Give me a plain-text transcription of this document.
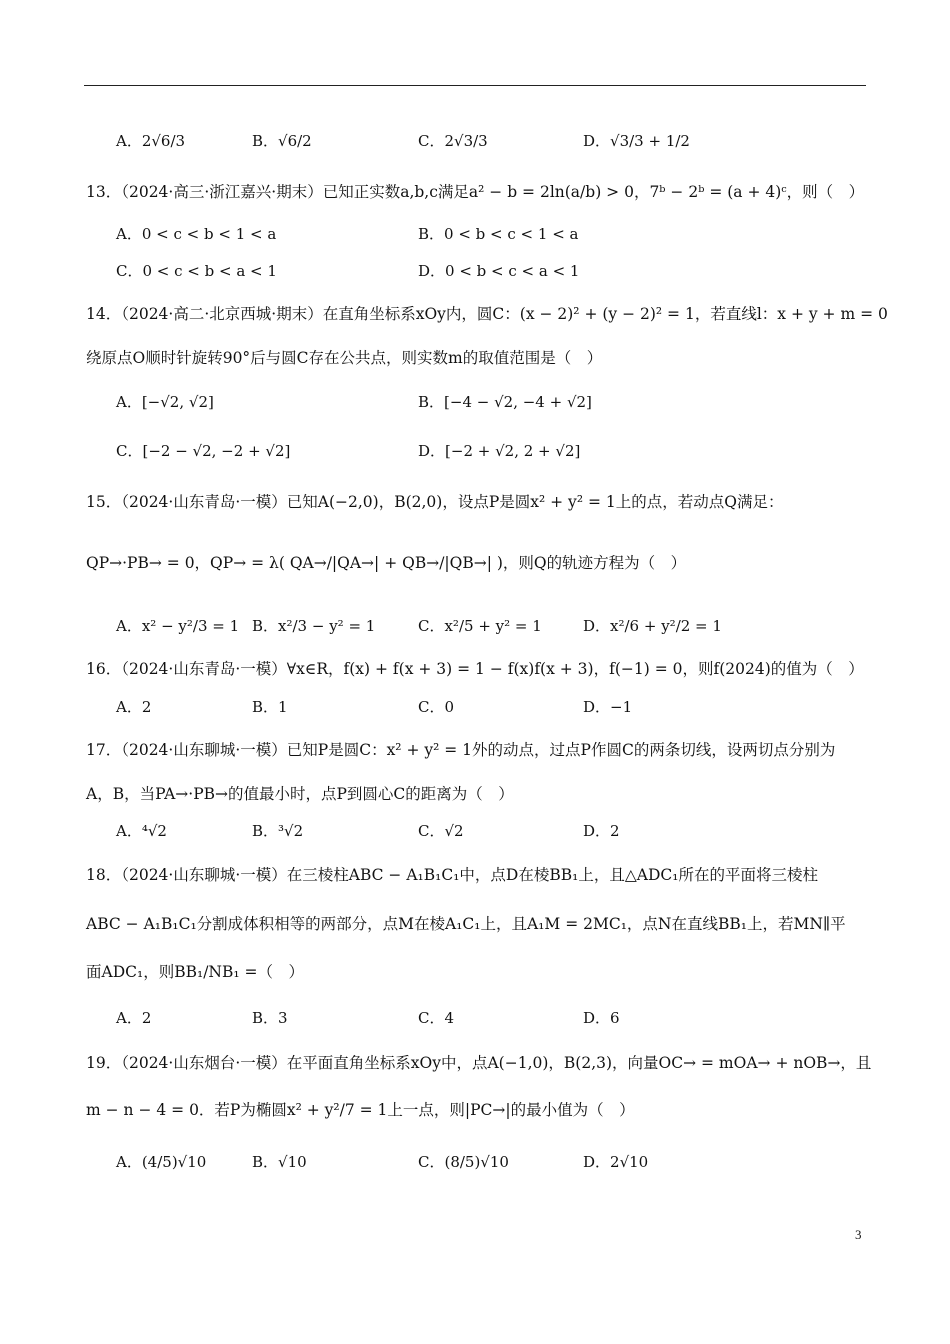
A．2√6/3	B．√6/2	C．2√3/3	D．√3/3 + 1/2
13．（2024·高三·浙江嘉兴·期末）已知正实数a,b,c满足a² − b = 2ln(a/b) > 0，7ᵇ − 2ᵇ = (a + 4)ᶜ，则（　）
A．0 < c < b < 1 < a	B．0 < b < c < 1 < a
C．0 < c < b < a < 1	D．0 < b < c < a < 1
14．（2024·高二·北京西城·期末）在直角坐标系xOy内，圆C：(x − 2)² + (y − 2)² = 1，若直线l：x + y + m = 0
绕原点O顺时针旋转90°后与圆C存在公共点，则实数m的取值范围是（　）
A．[−√2, √2]	B．[−4 − √2, −4 + √2]
C．[−2 − √2, −2 + √2]	D．[−2 + √2, 2 + √2]
15．（2024·山东青岛·一模）已知A(−2,0)，B(2,0)，设点P是圆x² + y² = 1上的点，若动点Q满足：
QP→·PB→ = 0，QP→ = λ( QA→/|QA→| + QB→/|QB→| )，则Q的轨迹方程为（　）
A．x² − y²/3 = 1 B．x²/3 − y² = 1	C．x²/5 + y² = 1	D．x²/6 + y²/2 = 1
16．（2024·山东青岛·一模）∀x∈R，f(x) + f(x + 3) = 1 − f(x)f(x + 3)，f(−1) = 0，则f(2024)的值为（　）
A．2	B．1	C．0	D．−1
17．（2024·山东聊城·一模）已知P是圆C：x² + y² = 1外的动点，过点P作圆C的两条切线，设两切点分别为
A，B，当PA→·PB→的值最小时，点P到圆心C的距离为（　）
A．⁴√2	B．³√2	C．√2	D．2
18．（2024·山东聊城·一模）在三棱柱ABC − A₁B₁C₁中，点D在棱BB₁上，且△ADC₁所在的平面将三棱柱
ABC − A₁B₁C₁分割成体积相等的两部分，点M在棱A₁C₁上，且A₁M = 2MC₁，点N在直线BB₁上，若MN∥平
面ADC₁，则BB₁/NB₁ =（　）
A．2	B．3	C．4	D．6
19．（2024·山东烟台·一模）在平面直角坐标系xOy中，点A(−1,0)，B(2,3)，向量OC→ = mOA→ + nOB→，且
m − n − 4 = 0．若P为椭圆x² + y²/7 = 1上一点，则|PC→|的最小值为（　）
A．(4/5)√10	B．√10	C．(8/5)√10	D．2√10
3
